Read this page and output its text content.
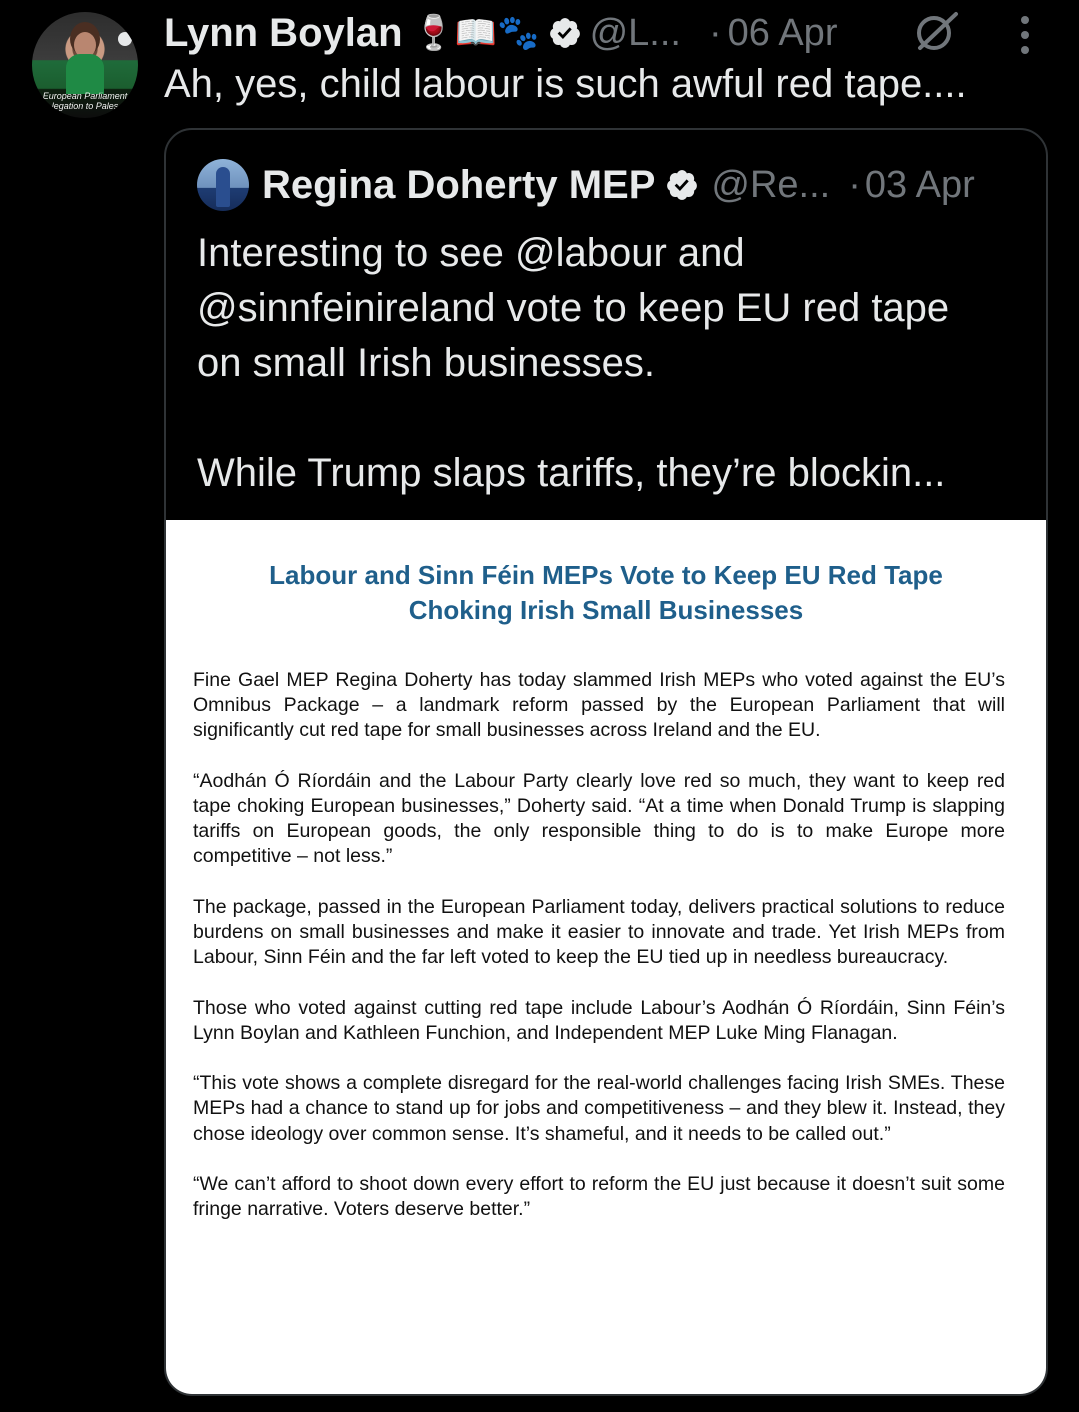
European Parliament
legation to Pales
Lynn Boylan 🍷📖🐾 @L... · 06 Apr
Ah, yes, child labour is such awful red tape....
Regina Doherty MEP @Re... · 03 Apr

Interesting to see @labour and

@sinnfeinireland vote to keep EU red tape

on small Irish businesses.

While Trump slaps tariffs, they’re blockin...

Labour and Sinn Féin MEPs Vote to Keep EU Red Tape
Choking Irish Small Businesses

Fine Gael MEP Regina Doherty has today slammed Irish MEPs who voted against the EU’s Omnibus Package – a landmark reform passed by the European Parliament that will significantly cut red tape for small businesses across Ireland and the EU.

“Aodhán Ó Ríordáin and the Labour Party clearly love red so much, they want to keep red tape choking European businesses,” Doherty said. “At a time when Donald Trump is slapping tariffs on European goods, the only responsible thing to do is to make Europe more competitive – not less.”

The package, passed in the European Parliament today, delivers practical solutions to reduce burdens on small businesses and make it easier to innovate and trade. Yet Irish MEPs from Labour, Sinn Féin and the far left voted to keep the EU tied up in needless bureaucracy.

Those who voted against cutting red tape include Labour’s Aodhán Ó Ríordáin, Sinn Féin’s Lynn Boylan and Kathleen Funchion, and Independent MEP Luke Ming Flanagan.

“This vote shows a complete disregard for the real-world challenges facing Irish SMEs. These MEPs had a chance to stand up for jobs and competitiveness – and they blew it. Instead, they chose ideology over common sense. It’s shameful, and it needs to be called out.”

“We can’t afford to shoot down every effort to reform the EU just because it doesn’t suit some fringe narrative. Voters deserve better.”
